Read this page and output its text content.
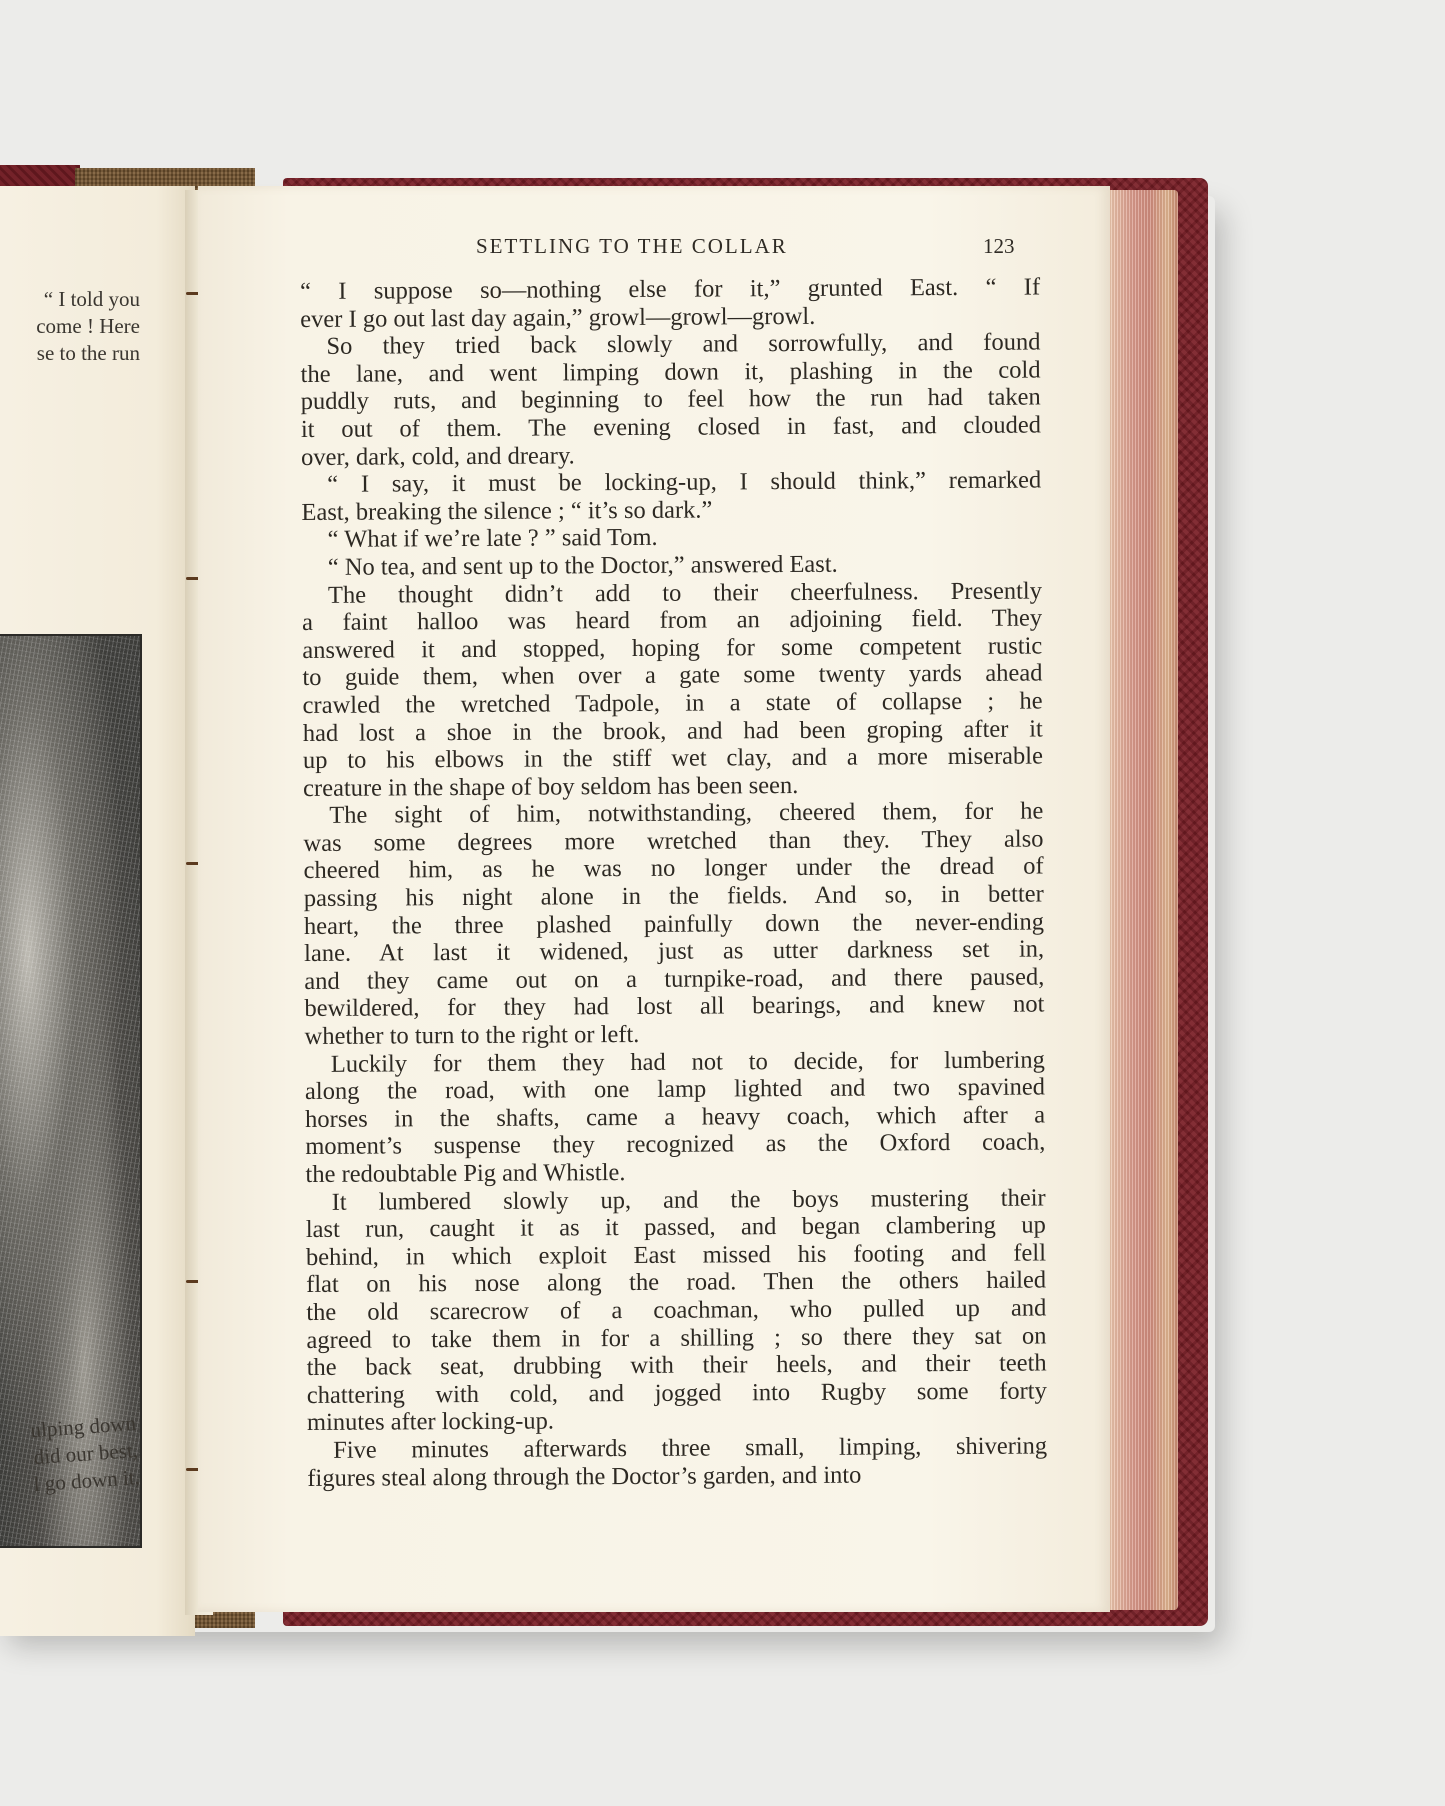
“ I told you
come ! Here
se to the run
ulping down
did our best,
l go down it,
SETTLING TO THE COLLAR	123
“ I suppose so—nothing else for it,” grunted East. “ If
ever I go out last day again,” growl—growl—growl.
So they tried back slowly and sorrowfully, and found
the lane, and went limping down it, plashing in the cold
puddly ruts, and beginning to feel how the run had taken
it out of them. The evening closed in fast, and clouded
over, dark, cold, and dreary.
“ I say, it must be locking-up, I should think,” remarked
East, breaking the silence ; “ it’s so dark.”
“ What if we’re late ? ” said Tom.
“ No tea, and sent up to the Doctor,” answered East.
The thought didn’t add to their cheerfulness. Presently
a faint halloo was heard from an adjoining field. They
answered it and stopped, hoping for some competent rustic
to guide them, when over a gate some twenty yards ahead
crawled the wretched Tadpole, in a state of collapse ; he
had lost a shoe in the brook, and had been groping after it
up to his elbows in the stiff wet clay, and a more miserable
creature in the shape of boy seldom has been seen.
The sight of him, notwithstanding, cheered them, for he
was some degrees more wretched than they. They also
cheered him, as he was no longer under the dread of
passing his night alone in the fields. And so, in better
heart, the three plashed painfully down the never-ending
lane. At last it widened, just as utter darkness set in,
and they came out on a turnpike-road, and there paused,
bewildered, for they had lost all bearings, and knew not
whether to turn to the right or left.
Luckily for them they had not to decide, for lumbering
along the road, with one lamp lighted and two spavined
horses in the shafts, came a heavy coach, which after a
moment’s suspense they recognized as the Oxford coach,
the redoubtable Pig and Whistle.
It lumbered slowly up, and the boys mustering their
last run, caught it as it passed, and began clambering up
behind, in which exploit East missed his footing and fell
flat on his nose along the road. Then the others hailed
the old scarecrow of a coachman, who pulled up and
agreed to take them in for a shilling ; so there they sat on
the back seat, drubbing with their heels, and their teeth
chattering with cold, and jogged into Rugby some forty
minutes after locking-up.
Five minutes afterwards three small, limping, shivering
figures steal along through the Doctor’s garden, and into
